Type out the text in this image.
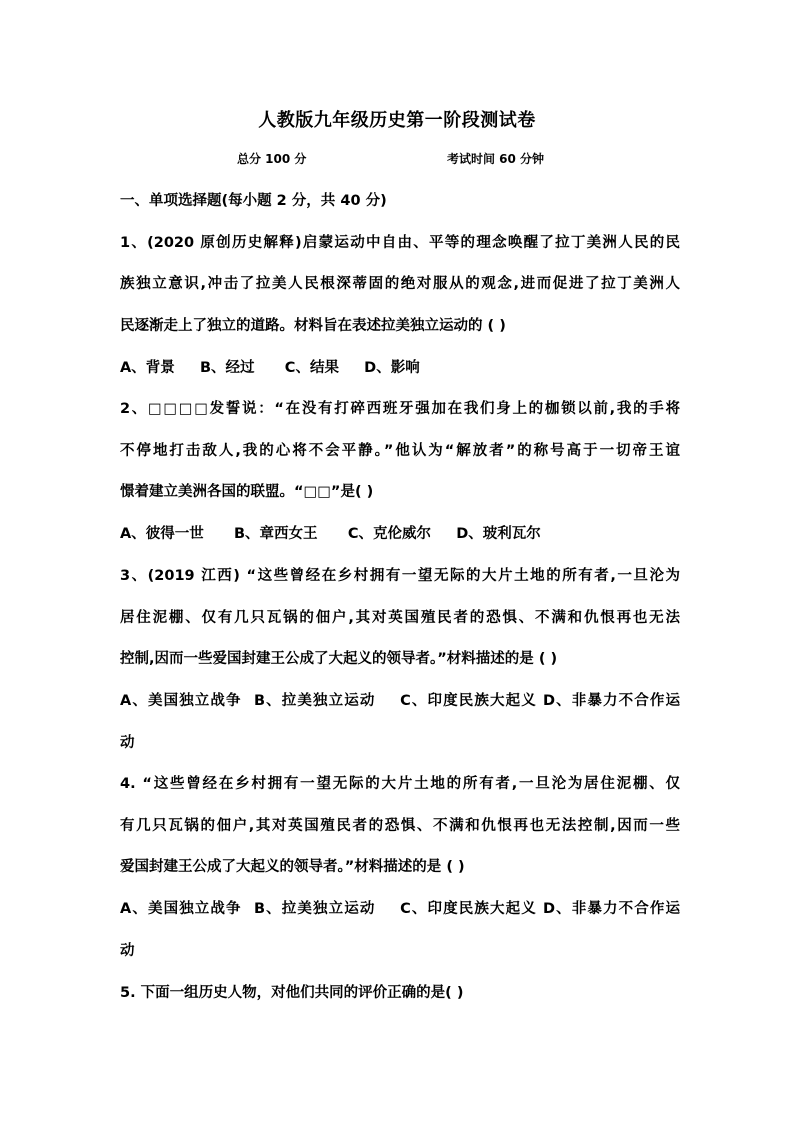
人教版九年级历史第一阶段测试卷
总分 100 分	考试时间 60 分钟
一、单项选择题(每小题 2 分，共 40 分)
1、(2020 原创历史解释)启蒙运动中自由、平等的理念唤醒了拉丁美洲人民的民
族独立意识,冲击了拉美人民根深蒂固的绝对服从的观念,进而促进了拉丁美洲人
民逐渐走上了独立的道路。材料旨在表述拉美独立运动的 ( )
A、背景     B、经过      C、结果     D、影响
2、□□□□发誓说：“在没有打碎西班牙强加在我们身上的枷锁以前,我的手将
不停地打击敌人,我的心将不会平静。”他认为“解放者”的称号高于一切帝王谊
憬着建立美洲各国的联盟。“□□”是( )
A、彼得一世      B、章西女王      C、克伦威尔     D、玻利瓦尔
3、(2019 江西) “这些曾经在乡村拥有一望无际的大片土地的所有者,一旦沦为
居住泥棚、仅有几只瓦锅的佃户,其对英国殖民者的恐惧、不满和仇恨再也无法
控制,因而一些爱国封建王公成了大起义的领导者。”材料描述的是 ( )
A、美国独立战争  B、拉美独立运动    C、印度民族大起义 D、非暴力不合作运
动
4. “这些曾经在乡村拥有一望无际的大片土地的所有者,一旦沦为居住泥棚、仅
有几只瓦锅的佃户,其对英国殖民者的恐惧、不满和仇恨再也无法控制,因而一些
爱国封建王公成了大起义的领导者。”材料描述的是 ( )
A、美国独立战争  B、拉美独立运动    C、印度民族大起义 D、非暴力不合作运
动
5. 下面一组历史人物，对他们共同的评价正确的是( )
